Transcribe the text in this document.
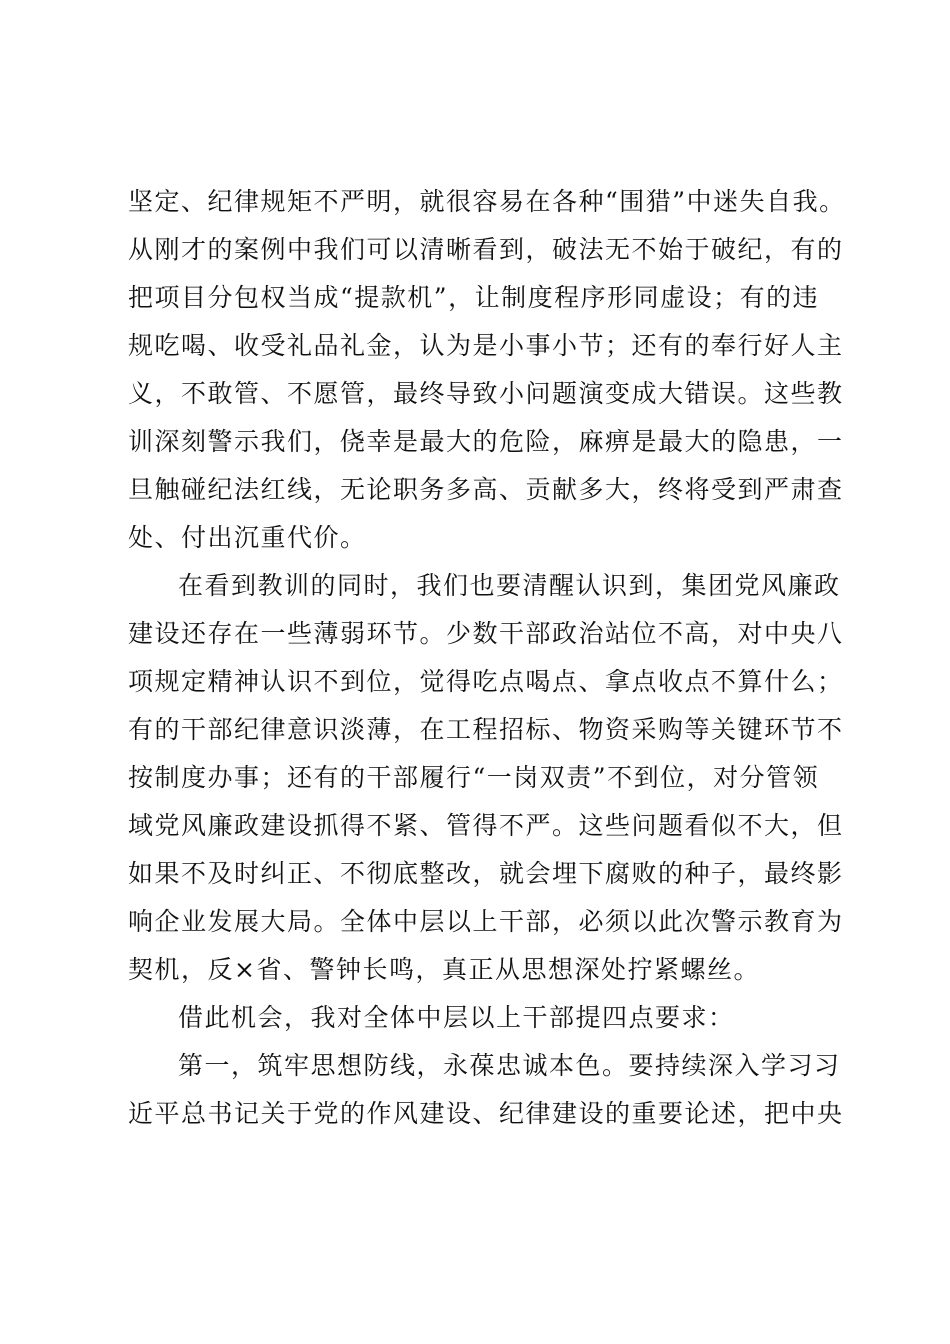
坚定、纪律规矩不严明，就很容易在各种“围猎”中迷失自我。
从刚才的案例中我们可以清晰看到，破法无不始于破纪，有的
把项目分包权当成“提款机”，让制度程序形同虚设；有的违
规吃喝、收受礼品礼金，认为是小事小节；还有的奉行好人主
义，不敢管、不愿管，最终导致小问题演变成大错误。这些教
训深刻警示我们，侥幸是最大的危险，麻痹是最大的隐患，一
旦触碰纪法红线，无论职务多高、贡献多大，终将受到严肃查
处、付出沉重代价。
在看到教训的同时，我们也要清醒认识到，集团党风廉政
建设还存在一些薄弱环节。少数干部政治站位不高，对中央八
项规定精神认识不到位，觉得吃点喝点、拿点收点不算什么；
有的干部纪律意识淡薄，在工程招标、物资采购等关键环节不
按制度办事；还有的干部履行“一岗双责”不到位，对分管领
域党风廉政建设抓得不紧、管得不严。这些问题看似不大，但
如果不及时纠正、不彻底整改，就会埋下腐败的种子，最终影
响企业发展大局。全体中层以上干部，必须以此次警示教育为
契机，反×省、警钟长鸣，真正从思想深处拧紧螺丝。
借此机会，我对全体中层以上干部提四点要求：
第一，筑牢思想防线，永葆忠诚本色。要持续深入学习习
近平总书记关于党的作风建设、纪律建设的重要论述，把中央
